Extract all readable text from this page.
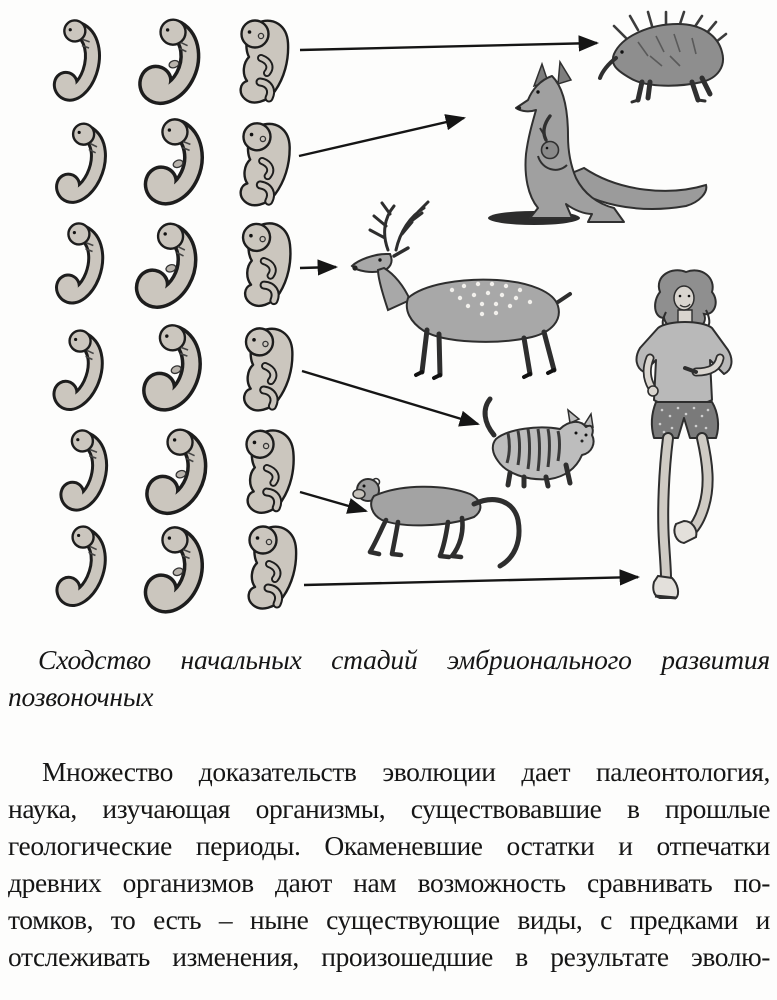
Сходство начальных стадий эмбрионального развития
позвоночных
Множество доказательств эволюции дает палеонтология,
наука, изучающая организмы, существовавшие в прошлые
геологические периоды. Окаменевшие остатки и отпечатки
древних организмов дают нам возможность сравнивать по-
томков, то есть – ныне существующие виды, с предками и
отслеживать изменения, произошедшие в результате эволю-
